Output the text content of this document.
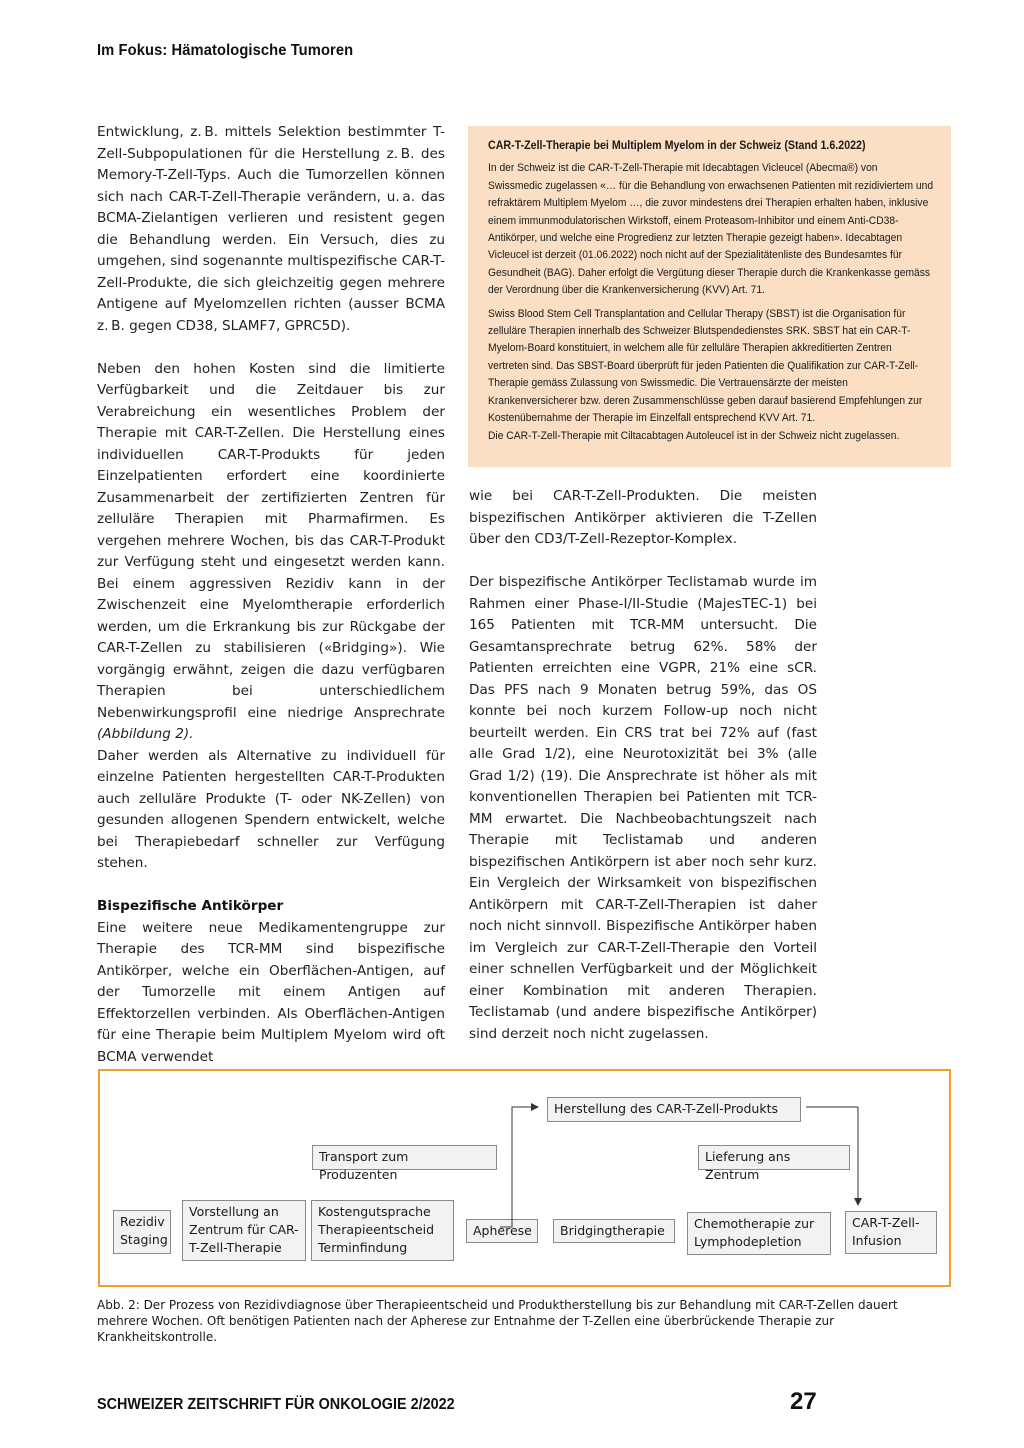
Im Fokus: Hämatologische Tumoren

Entwicklung, z. B. mittels Selektion bestimmter T-Zell-Subpopulationen für die Herstellung z. B. des Memory-T-Zell-Typs. Auch die Tumorzellen können sich nach CAR-T-Zell-Therapie verändern, u. a. das BCMA-Zielantigen verlieren und resistent gegen die Behandlung werden. Ein Versuch, dies zu umgehen, sind sogenannte multispezifische CAR-T-Zell-Produkte, die sich gleichzeitig gegen mehrere Antigene auf Myelomzellen richten (ausser BCMA z. B. gegen CD38, SLAMF7, GPRC5D).

Neben den hohen Kosten sind die limitierte Verfügbarkeit und die Zeitdauer bis zur Verabreichung ein wesentliches Problem der Therapie mit CAR-T-Zellen. Die Herstellung eines individuellen CAR-T-Produkts für jeden Einzelpatienten erfordert eine koordinierte Zusammenarbeit der zertifizierten Zentren für zelluläre Therapien mit Pharmafirmen. Es vergehen mehrere Wochen, bis das CAR-T-Produkt zur Verfügung steht und eingesetzt werden kann. Bei einem aggressiven Rezidiv kann in der Zwischenzeit eine Myelomtherapie erforderlich werden, um die Erkrankung bis zur Rückgabe der CAR-T-Zellen zu stabilisieren («Bridging»). Wie vorgängig erwähnt, zeigen die dazu verfügbaren Therapien bei unterschiedlichem Nebenwirkungsprofil eine niedrige Ansprechrate (Abbildung 2).

Daher werden als Alternative zu individuell für einzelne Patienten hergestellten CAR-T-Produkten auch zelluläre Produkte (T- oder NK-Zellen) von gesunden allogenen Spendern entwickelt, welche bei Therapiebedarf schneller zur Verfügung stehen.

Bispezifische Antikörper

Eine weitere neue Medikamentengruppe zur Therapie des TCR-MM sind bispezifische Antikörper, welche ein Oberflächen-Antigen, auf der Tumorzelle mit einem Antigen auf Effektorzellen verbinden. Als Oberflächen-Antigen für eine Therapie beim Multiplem Myelom wird oft BCMA verwendet

CAR-T-Zell-Therapie bei Multiplem Myelom in der Schweiz (Stand 1.6.2022)

In der Schweiz ist die CAR-T-Zell-Therapie mit Idecabtagen Vicleucel (Abecma®) von Swissmedic zugelassen «… für die Behandlung von erwachsenen Patienten mit rezidiviertem und refraktärem Multiplem Myelom …, die zuvor mindestens drei Therapien erhalten haben, inklusive einem immunmodulatorischen Wirkstoff, einem Proteasom-Inhibitor und einem Anti-CD38-Antikörper, und welche eine Progredienz zur letzten Therapie gezeigt haben». Idecabtagen Vicleucel ist derzeit (01.06.2022) noch nicht auf der Spezialitätenliste des Bundesamtes für Gesundheit (BAG). Daher erfolgt die Vergütung dieser Therapie durch die Krankenkasse gemäss der Verordnung über die Krankenversicherung (KVV) Art. 71.

Swiss Blood Stem Cell Transplantation and Cellular Therapy (SBST) ist die Organisation für zelluläre Therapien innerhalb des Schweizer Blutspendedienstes SRK. SBST hat ein CAR-T-Myelom-Board konstituiert, in welchem alle für zelluläre Therapien akkreditierten Zentren vertreten sind. Das SBST-Board überprüft für jeden Patienten die Qualifikation zur CAR-T-Zell-Therapie gemäss Zulassung von Swissmedic. Die Vertrauensärzte der meisten Krankenversicherer bzw. deren Zusammenschlüsse geben darauf basierend Empfehlungen zur Kostenübernahme der Therapie im Einzelfall entsprechend KVV Art. 71.

Die CAR-T-Zell-Therapie mit Ciltacabtagen Autoleucel ist in der Schweiz nicht zugelassen.

wie bei CAR-T-Zell-Produkten. Die meisten bispezifischen Antikörper aktivieren die T-Zellen über den CD3/T-Zell-Rezeptor-Komplex.

Der bispezifische Antikörper Teclistamab wurde im Rahmen einer Phase-I/II-Studie (MajesTEC-1) bei 165 Patienten mit TCR-MM untersucht. Die Gesamtansprechrate betrug 62%. 58% der Patienten erreichten eine VGPR, 21% eine sCR. Das PFS nach 9 Monaten betrug 59%, das OS konnte bei noch kurzem Follow-up noch nicht beurteilt werden. Ein CRS trat bei 72% auf (fast alle Grad 1/2), eine Neurotoxizität bei 3% (alle Grad 1/2) (19). Die Ansprechrate ist höher als mit konventionellen Therapien bei Patienten mit TCR-MM erwartet. Die Nachbeobachtungszeit nach Therapie mit Teclistamab und anderen bispezifischen Antikörpern ist aber noch sehr kurz. Ein Vergleich der Wirksamkeit von bispezifischen Antikörpern mit CAR-T-Zell-Therapien ist daher noch nicht sinnvoll. Bispezifische Antikörper haben im Vergleich zur CAR-T-Zell-Therapie den Vorteil einer schnellen Verfügbarkeit und der Möglichkeit einer Kombination mit anderen Therapien. Teclistamab (und andere bispezifische Antikörper) sind derzeit noch nicht zugelassen.

Rezidiv Staging
Vorstellung an Zentrum für CAR-T-Zell-Therapie
Kostengutsprache Therapieentscheid Terminfindung
Transport zum Produzenten
Apherese
Herstellung des CAR-T-Zell-Produkts
Bridgingtherapie
Lieferung ans Zentrum
Chemotherapie zur Lymphodepletion
CAR-T-Zell-Infusion
Abb. 2: Der Prozess von Rezidivdiagnose über Therapieentscheid und Produktherstellung bis zur Behandlung mit CAR-T-Zellen dauert mehrere Wochen. Oft benötigen Patienten nach der Apherese zur Entnahme der T-Zellen eine überbrückende Therapie zur Krankheitskontrolle.
SCHWEIZER ZEITSCHRIFT FÜR ONKOLOGIE 2/2022	27
